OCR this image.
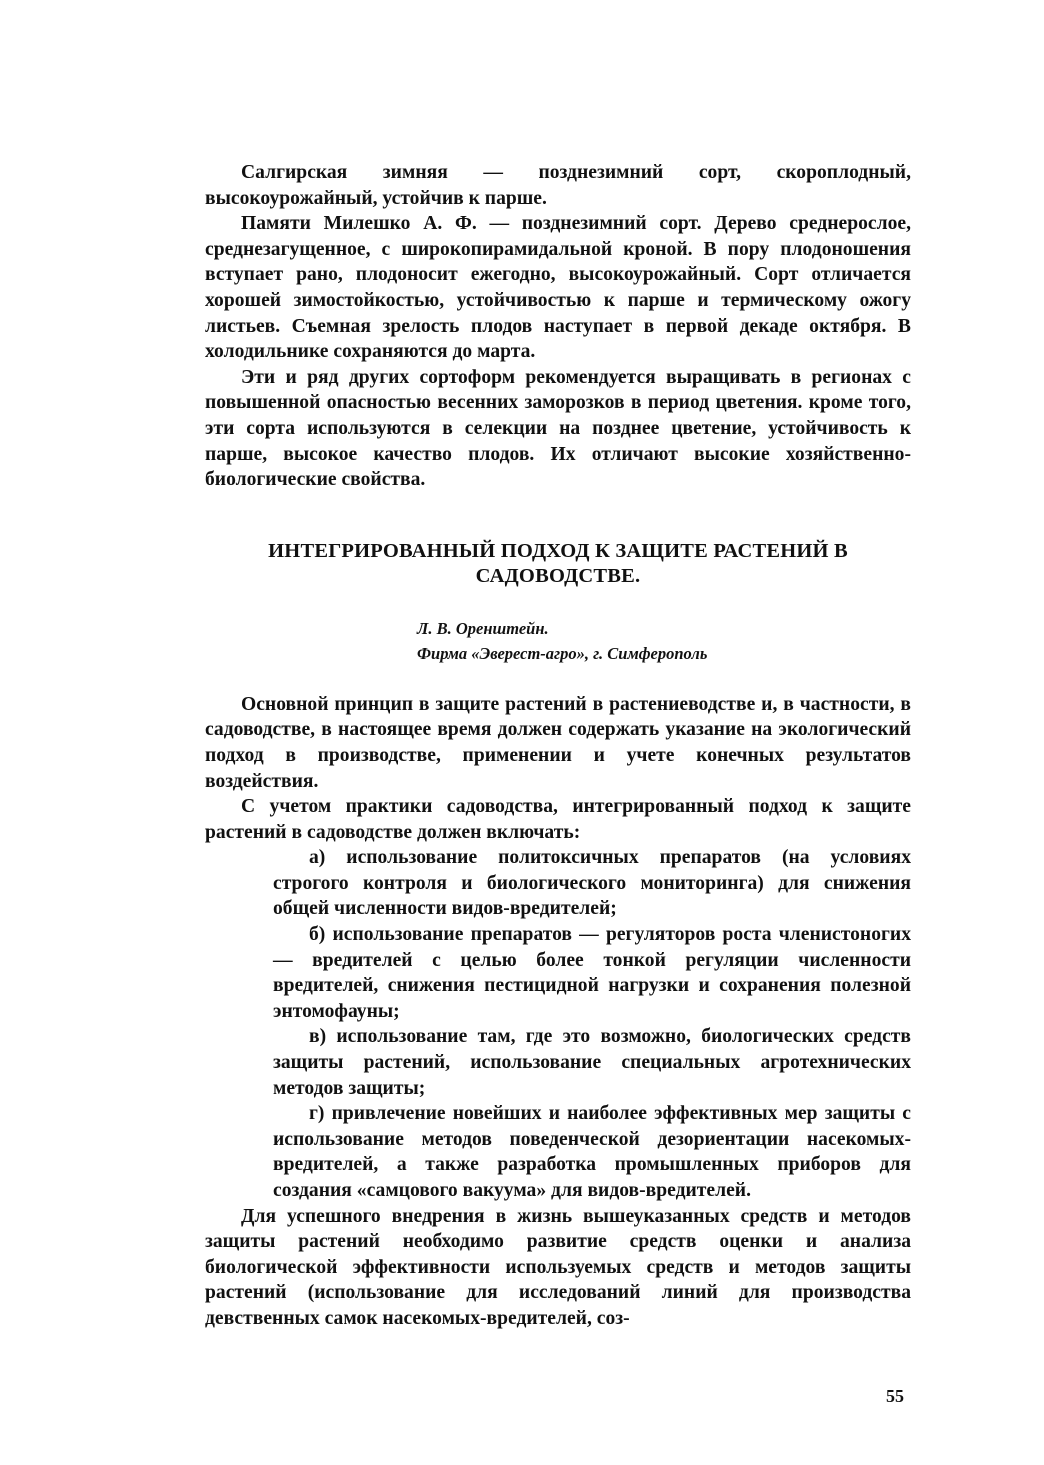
Салгирская зимняя — позднезимний сорт, скороплодный, высокоурожайный, устойчив к парше.

Памяти Милешко А. Ф. — позднезимний сорт. Дерево среднерослое, среднезагущенное, с широкопирамидальной кроной. В пору плодоношения вступает рано, плодоносит ежегодно, высокоурожайный. Сорт отличается хорошей зимостойкостью, устойчивостью к парше и термическому ожогу листьев. Съемная зрелость плодов наступает в первой декаде октября. В холодильнике сохраняются до марта.

Эти и ряд других сортоформ рекомендуется выращивать в регионах с повышенной опасностью весенних заморозков в период цветения. кроме того, эти сорта используются в селекции на позднее цветение, устойчивость к парше, высокое качество плодов. Их отличают высокие хозяйственно-биологические свойства.

ИНТЕГРИРОВАННЫЙ ПОДХОД К ЗАЩИТЕ РАСТЕНИЙ В САДОВОДСТВЕ.
Л. В. Оренштейн.
Фирма «Эверест-агро», г. Симферополь

Основной принцип в защите растений в растениеводстве и, в частности, в садоводстве, в настоящее время должен содержать указание на экологический подход в производстве, применении и учете конечных результатов воздействия.

С учетом практики садоводства, интегрированный подход к защите растений в садоводстве должен включать:

а) использование политоксичных препаратов (на условиях строгого контроля и биологического мониторинга) для снижения общей численности видов-вредителей;

б) использование препаратов — регуляторов роста членистоногих — вредителей с целью более тонкой регуляции численности вредителей, снижения пестицидной нагрузки и сохранения полезной энтомофауны;

в) использование там, где это возможно, биологических средств защиты растений, использование специальных агротехнических методов защиты;

г) привлечение новейших и наиболее эффективных мер защиты с использование методов поведенческой дезориентации насекомых-вредителей, а также разработка промышленных приборов для создания «самцового вакуума» для видов-вредителей.

Для успешного внедрения в жизнь вышеуказанных средств и методов защиты растений необходимо развитие средств оценки и анализа биологической эффективности используемых средств и методов защиты растений (использование для исследований линий для производства девственных самок насекомых-вредителей, соз-

55
